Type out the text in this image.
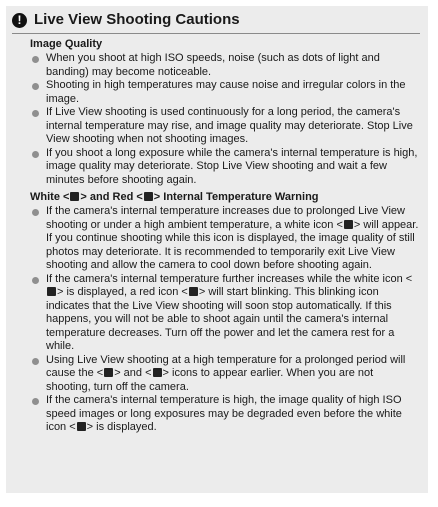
! Live View Shooting Cautions
Image Quality
When you shoot at high ISO speeds, noise (such as dots of light and banding) may become noticeable.
Shooting in high temperatures may cause noise and irregular colors in the image.
If Live View shooting is used continuously for a long period, the camera's internal temperature may rise, and image quality may deteriorate. Stop Live View shooting when not shooting images.
If you shoot a long exposure while the camera's internal temperature is high, image quality may deteriorate. Stop Live View shooting and wait a few minutes before shooting again.
White < > and Red < > Internal Temperature Warning
If the camera's internal temperature increases due to prolonged Live View shooting or under a high ambient temperature, a white icon < > will appear. If you continue shooting while this icon is displayed, the image quality of still photos may deteriorate. It is recommended to temporarily exit Live View shooting and allow the camera to cool down before shooting again.
If the camera's internal temperature further increases while the white icon <> is displayed, a red icon < > will start blinking. This blinking icon indicates that the Live View shooting will soon stop automatically. If this happens, you will not be able to shoot again until the camera's internal temperature decreases. Turn off the power and let the camera rest for a while.
Using Live View shooting at a high temperature for a prolonged period will cause the < > and < > icons to appear earlier. When you are not shooting, turn off the camera.
If the camera's internal temperature is high, the image quality of high ISO speed images or long exposures may be degraded even before the white icon < > is displayed.
